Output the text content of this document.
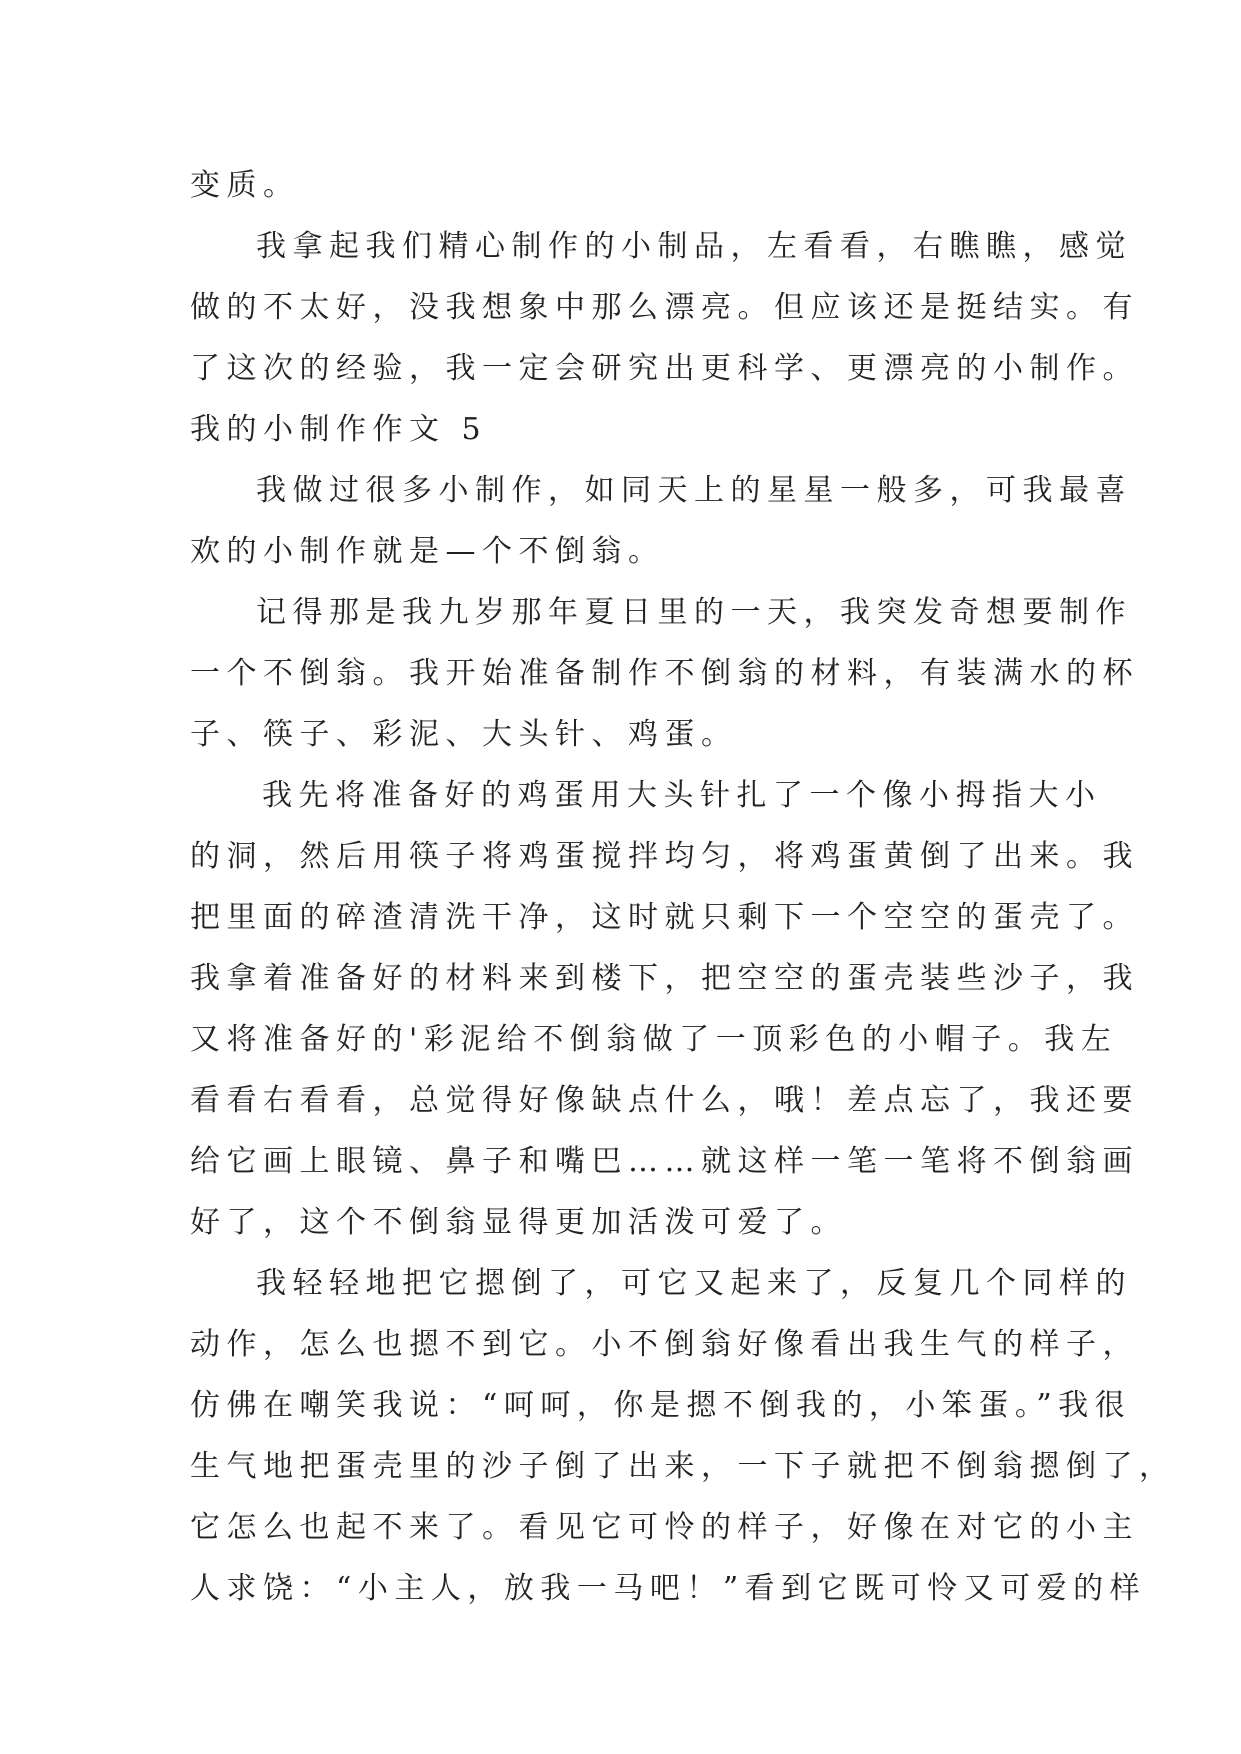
变质。
我拿起我们精心制作的小制品，左看看，右瞧瞧，感觉
做的不太好，没我想象中那么漂亮。但应该还是挺结实。有
了这次的经验，我一定会研究出更科学、更漂亮的小制作。
我的小制作作文 5
我做过很多小制作，如同天上的星星一般多，可我最喜
欢的小制作就是—个不倒翁。
记得那是我九岁那年夏日里的一天，我突发奇想要制作
一个不倒翁。我开始准备制作不倒翁的材料，有装满水的杯
子、筷子、彩泥、大头针、鸡蛋。
我先将准备好的鸡蛋用大头针扎了一个像小拇指大小
的洞，然后用筷子将鸡蛋搅拌均匀，将鸡蛋黄倒了出来。我
把里面的碎渣清洗干净，这时就只剩下一个空空的蛋壳了。
我拿着准备好的材料来到楼下，把空空的蛋壳装些沙子，我
又将准备好的'彩泥给不倒翁做了一顶彩色的小帽子。我左
看看右看看，总觉得好像缺点什么，哦！差点忘了，我还要
给它画上眼镜、鼻子和嘴巴……就这样一笔一笔将不倒翁画
好了，这个不倒翁显得更加活泼可爱了。
我轻轻地把它摁倒了，可它又起来了，反复几个同样的
动作，怎么也摁不到它。小不倒翁好像看出我生气的样子，
仿佛在嘲笑我说：“呵呵，你是摁不倒我的，小笨蛋。”我很
生气地把蛋壳里的沙子倒了出来，一下子就把不倒翁摁倒了，
它怎么也起不来了。看见它可怜的样子，好像在对它的小主
人求饶：“小主人，放我一马吧！”看到它既可怜又可爱的样
